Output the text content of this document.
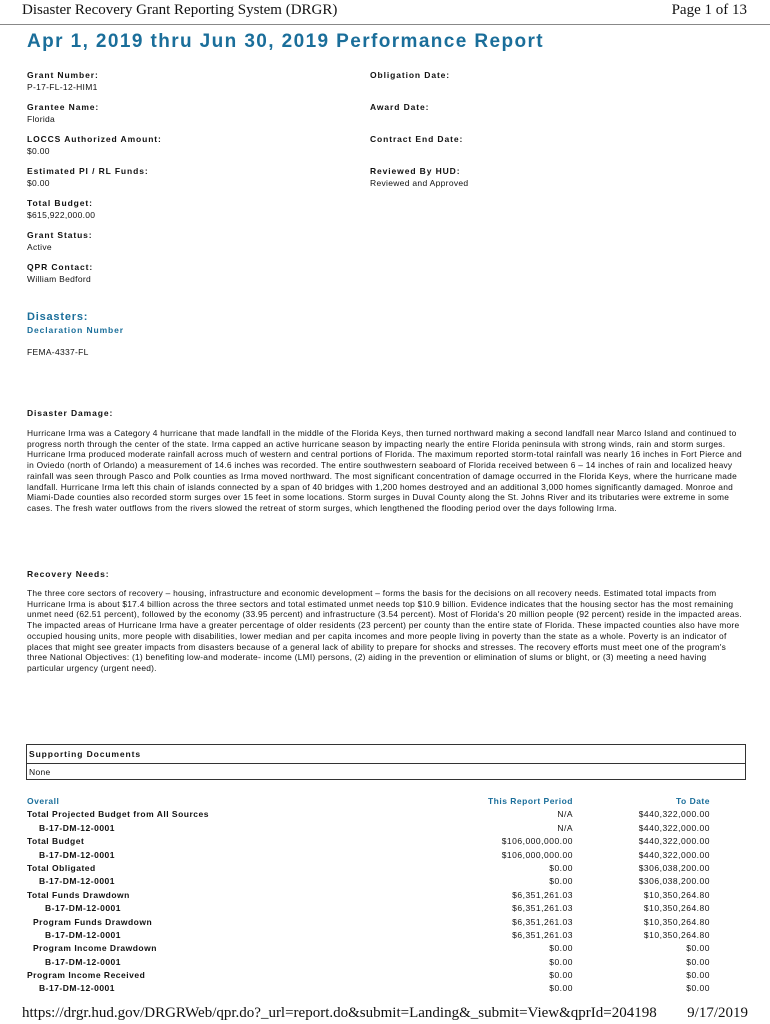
Disaster Recovery Grant Reporting System (DRGR)	Page 1 of 13
Apr 1, 2019 thru Jun 30, 2019 Performance Report
Grant Number:
P-17-FL-12-HIM1
Obligation Date:
Grantee Name:
Florida
Award Date:
LOCCS Authorized Amount:
$0.00
Contract End Date:
Estimated PI / RL Funds:
$0.00
Reviewed By HUD:
Reviewed and Approved
Total Budget:
$615,922,000.00
Grant Status:
Active
QPR Contact:
William Bedford
Disasters:
Declaration Number
FEMA-4337-FL
Disaster Damage:
Hurricane Irma was a Category 4 hurricane that made landfall in the middle of the Florida Keys, then turned northward making a second landfall near Marco Island and continued to progress north through the center of the state. Irma capped an active hurricane season by impacting nearly the entire Florida peninsula with strong winds, rain and storm surges. Hurricane Irma produced moderate rainfall across much of western and central portions of Florida. The maximum reported storm-total rainfall was nearly 16 inches in Fort Pierce and in Oviedo (north of Orlando) a measurement of 14.6 inches was recorded. The entire southwestern seaboard of Florida received between 6 – 14 inches of rain and localized heavy rainfall was seen through Pasco and Polk counties as Irma moved northward. The most significant concentration of damage occurred in the Florida Keys, where the hurricane made landfall. Hurricane Irma left this chain of islands connected by a span of 40 bridges with 1,200 homes destroyed and an additional 3,000 homes significantly damaged. Monroe and Miami-Dade counties also recorded storm surges over 15 feet in some locations. Storm surges in Duval County along the St. Johns River and its tributaries were extreme in some cases. The fresh water outflows from the rivers slowed the retreat of storm surges, which lengthened the flooding period over the days following Irma.
Recovery Needs:
The three core sectors of recovery – housing, infrastructure and economic development – forms the basis for the decisions on all recovery needs. Estimated total impacts from Hurricane Irma is about $17.4 billion across the three sectors and total estimated unmet needs top $10.9 billion. Evidence indicates that the housing sector has the most remaining unmet need (62.51 percent), followed by the economy (33.95 percent) and infrastructure (3.54 percent). Most of Florida's 20 million people (92 percent) reside in the impacted areas. The impacted areas of Hurricane Irma have a greater percentage of older residents (23 percent) per county than the entire state of Florida. These impacted counties also have more occupied housing units, more people with disabilities, lower median and per capita incomes and more people living in poverty than the state as a whole. Poverty is an indicator of places that might see greater impacts from disasters because of a general lack of ability to prepare for shocks and stresses. The recovery efforts must meet one of the program's three National Objectives: (1) benefiting low-and moderate- income (LMI) persons, (2) aiding in the prevention or elimination of slums or blight, or (3) meeting a need having particular urgency (urgent need).
Supporting Documents
None
Overall	This Report Period	To Date
Total Projected Budget from All Sources	N/A	$440,322,000.00
B-17-DM-12-0001	N/A	$440,322,000.00
Total Budget	$106,000,000.00	$440,322,000.00
B-17-DM-12-0001	$106,000,000.00	$440,322,000.00
Total Obligated	$0.00	$306,038,200.00
B-17-DM-12-0001	$0.00	$306,038,200.00
Total Funds Drawdown	$6,351,261.03	$10,350,264.80
B-17-DM-12-0001	$6,351,261.03	$10,350,264.80
Program Funds Drawdown	$6,351,261.03	$10,350,264.80
B-17-DM-12-0001	$6,351,261.03	$10,350,264.80
Program Income Drawdown	$0.00	$0.00
B-17-DM-12-0001	$0.00	$0.00
Program Income Received	$0.00	$0.00
B-17-DM-12-0001	$0.00	$0.00
https://drgr.hud.gov/DRGRWeb/qpr.do?_url=report.do&submit=Landing&_submit=View&qprId=204198 9/17/2019
